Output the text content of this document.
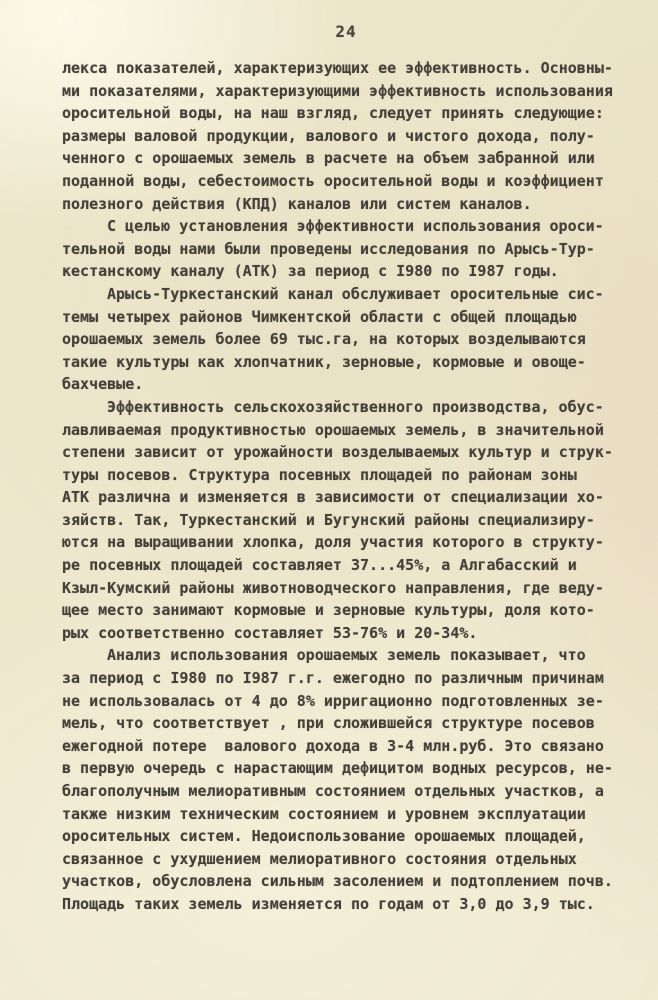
24
лекса показателей, характеризующих ее эффективность. Основны-
ми показателями, характеризующими эффективность использования
оросительной воды, на наш взгляд, следует принять следующие:
размеры валовой продукции, валового и чистого дохода, полу-
ченного с орошаемых земель в расчете на объем забранной или
поданной воды, себестоимость оросительной воды и коэффициент
полезного действия (КПД) каналов или систем каналов.
С целью установления эффективности использования ороси-
тельной воды нами были проведены исследования по Арысь-Тур-
кестанскому каналу (АТК) за период с I980 по I987 годы.
Арысь-Туркестанский канал обслуживает оросительные сис-
темы четырех районов Чимкентской области с общей площадью
орошаемых земель более 69 тыс.га, на которых возделываются
такие культуры как хлопчатник, зерновые, кормовые и овоще-
бахчевые.
Эффективность сельскохозяйственного производства, обус-
лавливаемая продуктивностью орошаемых земель, в значительной
степени зависит от урожайности возделываемых культур и струк-
туры посевов. Структура посевных площадей по районам зоны
АТК различна и изменяется в зависимости от специализации хо-
зяйств. Так, Туркестанский и Бугунский районы специализиру-
ются на выращивании хлопка, доля участия которого в структу-
ре посевных площадей составляет 37...45%, а Алгабасский и
Кзыл-Кумский районы животноводческого направления, где веду-
щее место занимают кормовые и зерновые культуры, доля кото-
рых соответственно составляет 53-76% и 20-34%.
Анализ использования орошаемых земель показывает, что
за период с I980 по I987 г.г. ежегодно по различным причинам
не использовалась от 4 до 8% ирригационно подготовленных зе-
мель, что соответствует , при сложившейся структуре посевов
ежегодной потере  валового дохода в 3-4 млн.руб. Это связано
в первую очередь с нарастающим дефицитом водных ресурсов, не-
благополучным мелиоративным состоянием отдельных участков, а
также низким техническим состоянием и уровнем эксплуатации
оросительных систем. Недоиспользование орошаемых площадей,
связанное с ухудшением мелиоративного состояния отдельных
участков, обусловлена сильным засолением и подтоплением почв.
Площадь таких земель изменяется по годам от 3,0 до 3,9 тыс.
